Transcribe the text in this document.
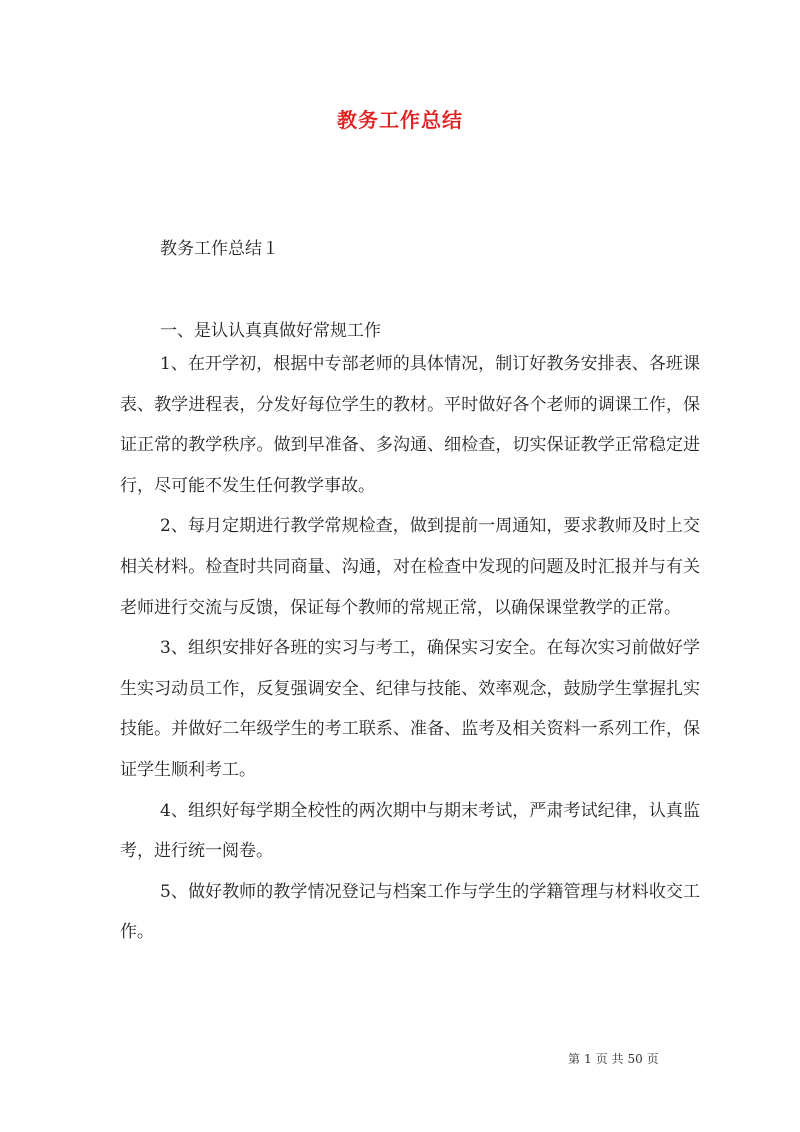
教务工作总结
教务工作总结１
一、是认认真真做好常规工作

1、在开学初，根据中专部老师的具体情况，制订好教务安排表、各班课表、教学进程表，分发好每位学生的教材。平时做好各个老师的调课工作，保证正常的教学秩序。做到早准备、多沟通、细检查，切实保证教学正常稳定进行，尽可能不发生任何教学事故。

2、每月定期进行教学常规检查，做到提前一周通知，要求教师及时上交相关材料。检查时共同商量、沟通，对在检查中发现的问题及时汇报并与有关老师进行交流与反馈，保证每个教师的常规正常，以确保课堂教学的正常。

3、组织安排好各班的实习与考工，确保实习安全。在每次实习前做好学生实习动员工作，反复强调安全、纪律与技能、效率观念，鼓励学生掌握扎实技能。并做好二年级学生的考工联系、准备、监考及相关资料一系列工作，保证学生顺利考工。

4、组织好每学期全校性的两次期中与期末考试，严肃考试纪律，认真监考，进行统一阅卷。

5、做好教师的教学情况登记与档案工作与学生的学籍管理与材料收交工作。

第 1 页 共 50 页
